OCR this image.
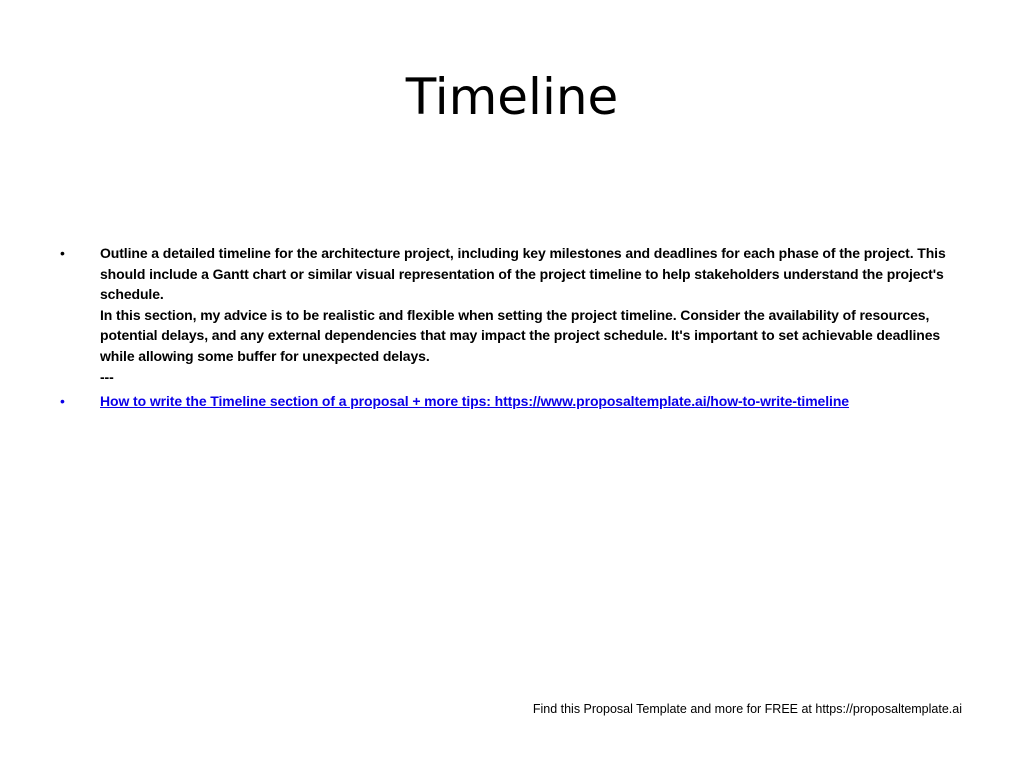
Timeline
•	Outline a detailed timeline for the architecture project, including key milestones and deadlines for each phase of the project. This should include a Gantt chart or similar visual representation of the project timeline to help stakeholders understand the project's schedule.
In this section, my advice is to be realistic and flexible when setting the project timeline. Consider the availability of resources, potential delays, and any external dependencies that may impact the project schedule. It's important to set achievable deadlines while allowing some buffer for unexpected delays.
---
•	How to write the Timeline section of a proposal + more tips: https://www.proposaltemplate.ai/how-to-write-timeline
Find this Proposal Template and more for FREE at https://proposaltemplate.ai
